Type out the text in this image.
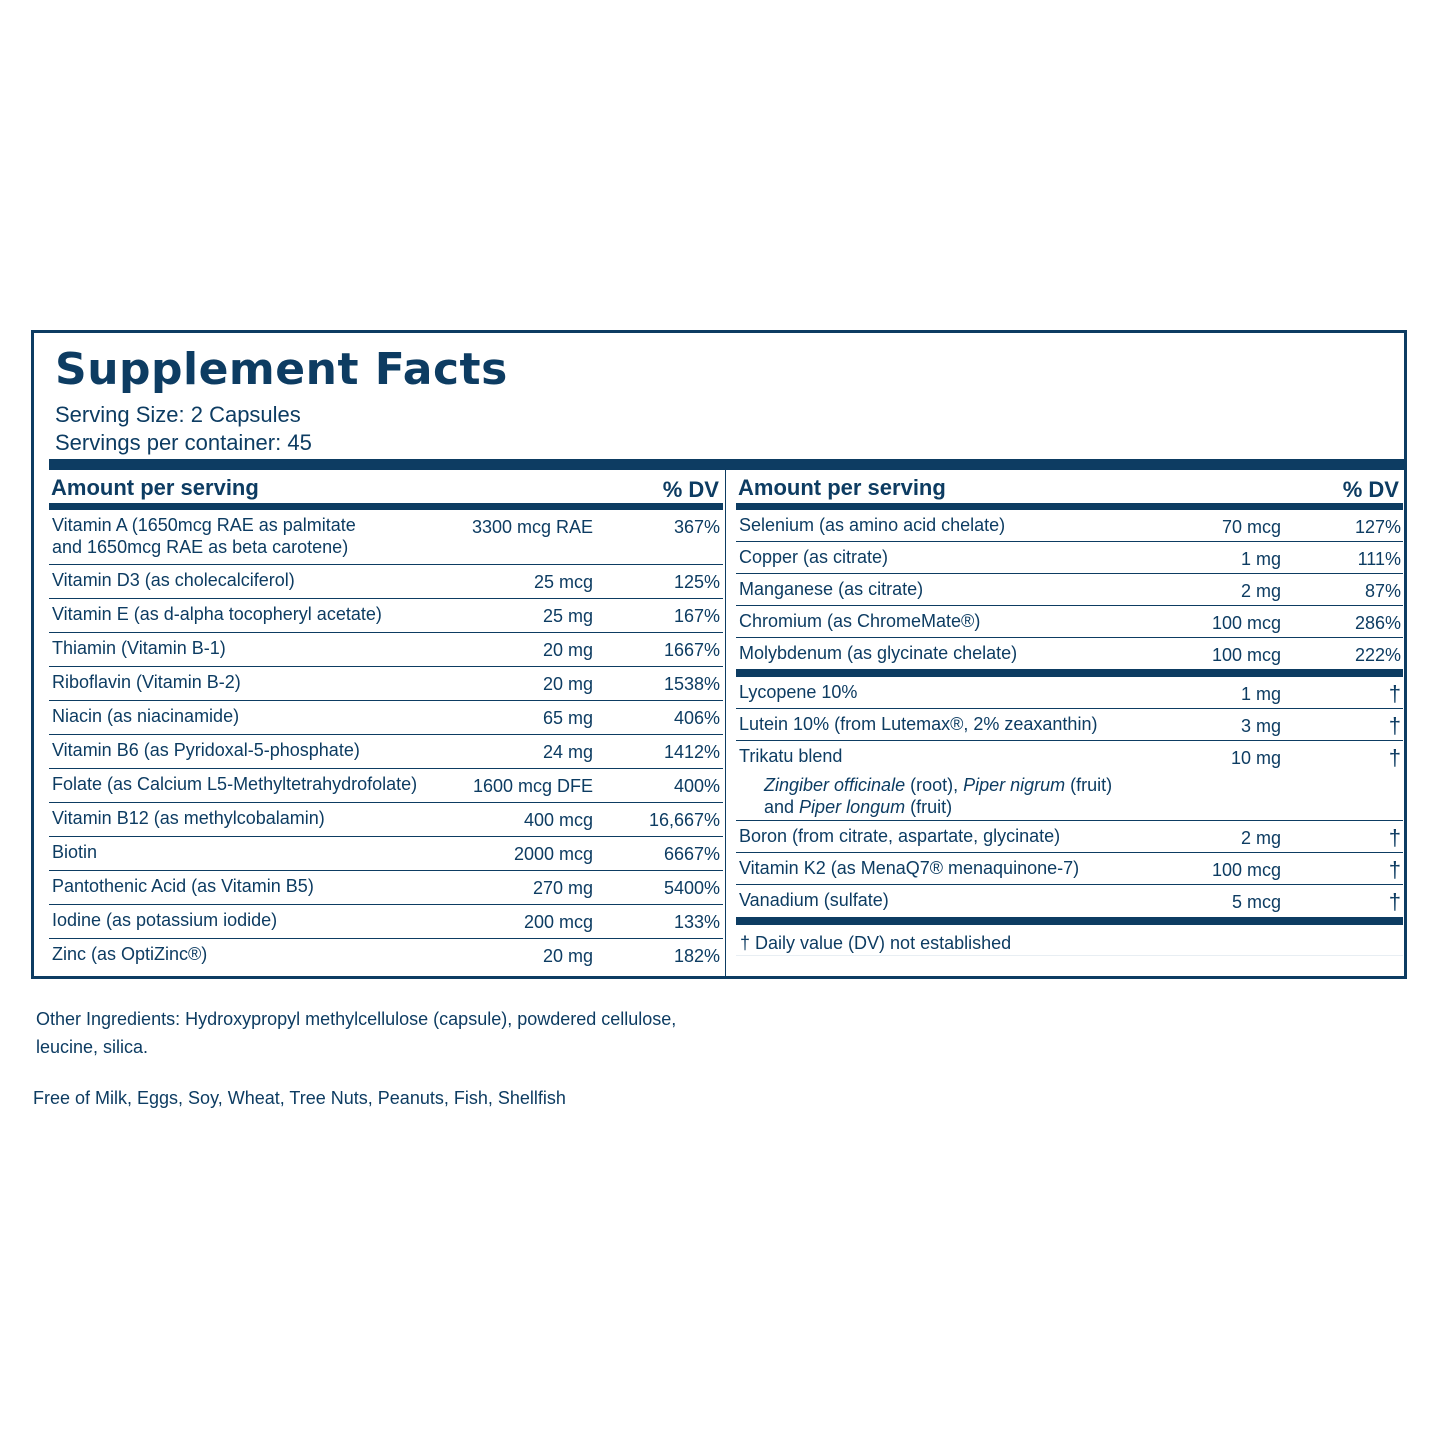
Supplement Facts
Serving Size: 2 Capsules
Servings per container: 45
Amount per serving	% DV
Vitamin A (1650mcg RAE as palmitate and 1650mcg RAE as beta carotene)
3300 mcg RAE	367%
Vitamin D3 (as cholecalciferol)	25 mcg	125%
Vitamin E (as d-alpha tocopheryl acetate)	25 mg	167%
Thiamin (Vitamin B-1)	20 mg	1667%
Riboflavin (Vitamin B-2)	20 mg	1538%
Niacin (as niacinamide)	65 mg	406%
Vitamin B6 (as Pyridoxal-5-phosphate)	24 mg	1412%
Folate (as Calcium L5-Methyltetrahydrofolate)	1600 mcg DFE	400%
Vitamin B12 (as methylcobalamin)	400 mcg	16,667%
Biotin	2000 mcg	6667%
Pantothenic Acid (as Vitamin B5)	270 mg	5400%
Iodine (as potassium iodide)	200 mcg	133%
Zinc (as OptiZinc®)	20 mg	182%
Amount per serving	% DV
Selenium (as amino acid chelate)	70 mcg	127%
Copper (as citrate)	1 mg	111%
Manganese (as citrate)	2 mg	87%
Chromium (as ChromeMate®)	100 mcg	286%
Molybdenum (as glycinate chelate)	100 mcg	222%
Lycopene 10%	1 mg	†
Lutein 10% (from Lutemax®, 2% zeaxanthin)	3 mg	†
Trikatu blend	10 mg	†
Zingiber officinale (root), Piper nigrum (fruit)
and Piper longum (fruit)
Boron (from citrate, aspartate, glycinate)	2 mg	†
Vitamin K2 (as MenaQ7® menaquinone-7)	100 mcg	†
Vanadium (sulfate)	5 mcg	†
† Daily value (DV) not established
Other Ingredients: Hydroxypropyl methylcellulose (capsule), powdered cellulose, leucine, silica.
Free of Milk, Eggs, Soy, Wheat, Tree Nuts, Peanuts, Fish, Shellfish
